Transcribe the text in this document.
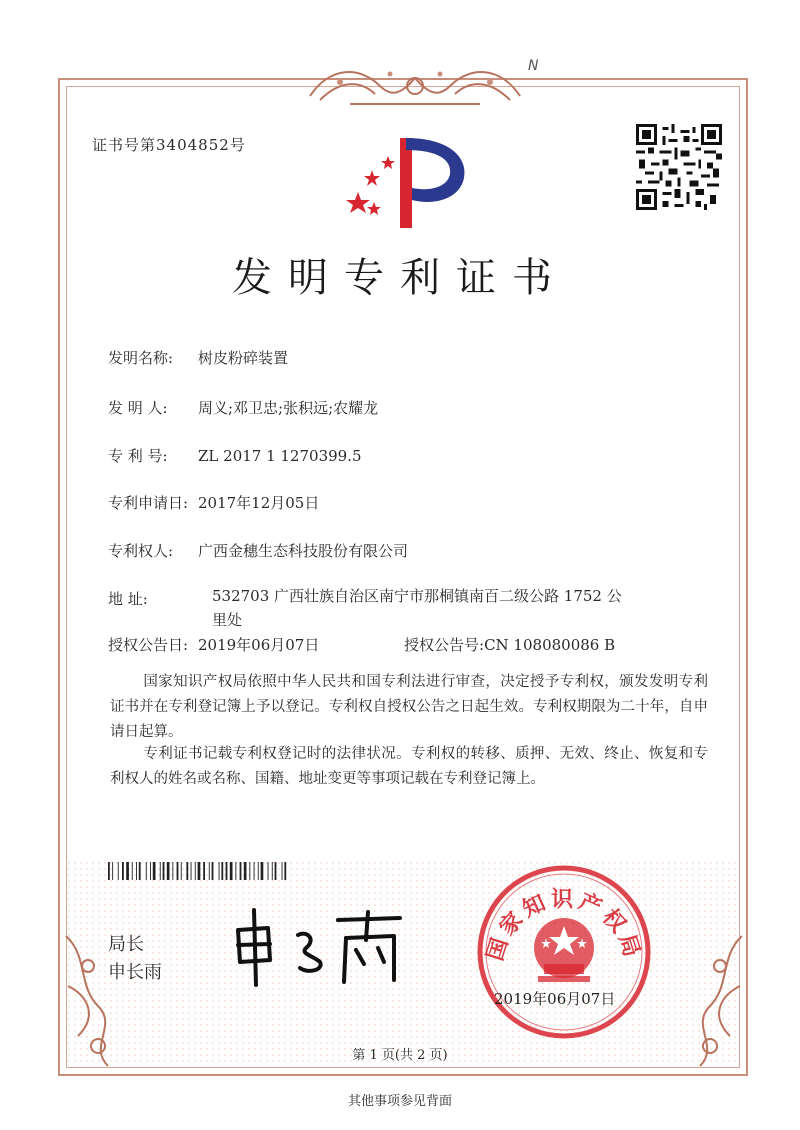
N
证书号第3404852号
发明专利证书
发明名称: 树皮粉碎装置
发 明 人: 周义;邓卫忠;张积远;农耀龙
专 利 号: ZL 2017 1 1270399.5
专利申请日: 2017年12月05日
专利权人: 广西金穗生态科技股份有限公司
地 址:	532703 广西壮族自治区南宁市那桐镇南百二级公路 1752 公里处
授权公告日: 2019年06月07日	授权公告号:CN 108080086 B
国家知识产权局依照中华人民共和国专利法进行审查，决定授予专利权，颁发发明专利证书并在专利登记簿上予以登记。专利权自授权公告之日起生效。专利权期限为二十年，自申请日起算。
专利证书记载专利权登记时的法律状况。专利权的转移、质押、无效、终止、恢复和专利权人的姓名或名称、国籍、地址变更等事项记载在专利登记簿上。
局长
申长雨
国家知识产权局
2019年06月07日
第 1 页(共 2 页)
其他事项参见背面
